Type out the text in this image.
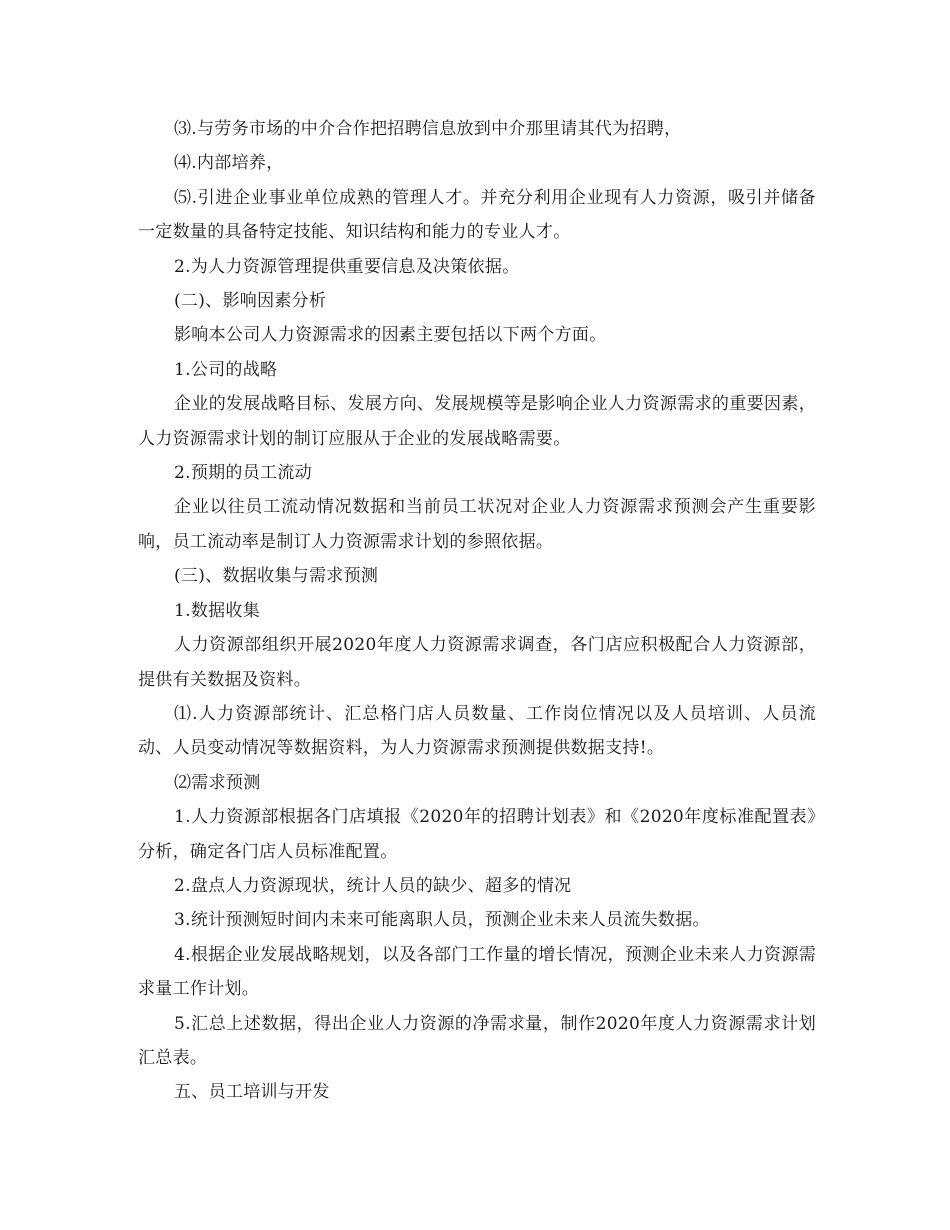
⑶.与劳务市场的中介合作把招聘信息放到中介那里请其代为招聘，

⑷.内部培养，

⑸.引进企业事业单位成熟的管理人才。并充分利用企业现有人力资源，吸引并储备一定数量的具备特定技能、知识结构和能力的专业人才。

2.为人力资源管理提供重要信息及决策依据。

(二)、影响因素分析

影响本公司人力资源需求的因素主要包括以下两个方面。

1.公司的战略

企业的发展战略目标、发展方向、发展规模等是影响企业人力资源需求的重要因素，人力资源需求计划的制订应服从于企业的发展战略需要。

2.预期的员工流动

企业以往员工流动情况数据和当前员工状况对企业人力资源需求预测会产生重要影响，员工流动率是制订人力资源需求计划的参照依据。

(三)、数据收集与需求预测

1.数据收集

人力资源部组织开展2020年度人力资源需求调查，各门店应积极配合人力资源部，提供有关数据及资料。

⑴.人力资源部统计、汇总格门店人员数量、工作岗位情况以及人员培训、人员流动、人员变动情况等数据资料，为人力资源需求预测提供数据支持!。

⑵需求预测

1.人力资源部根据各门店填报《2020年的招聘计划表》和《2020年度标准配置表》分析，确定各门店人员标准配置。

2.盘点人力资源现状，统计人员的缺少、超多的情况

3.统计预测短时间内未来可能离职人员，预测企业未来人员流失数据。

4.根据企业发展战略规划，以及各部门工作量的增长情况，预测企业未来人力资源需求量工作计划。

5.汇总上述数据，得出企业人力资源的净需求量，制作2020年度人力资源需求计划汇总表。

五、员工培训与开发
